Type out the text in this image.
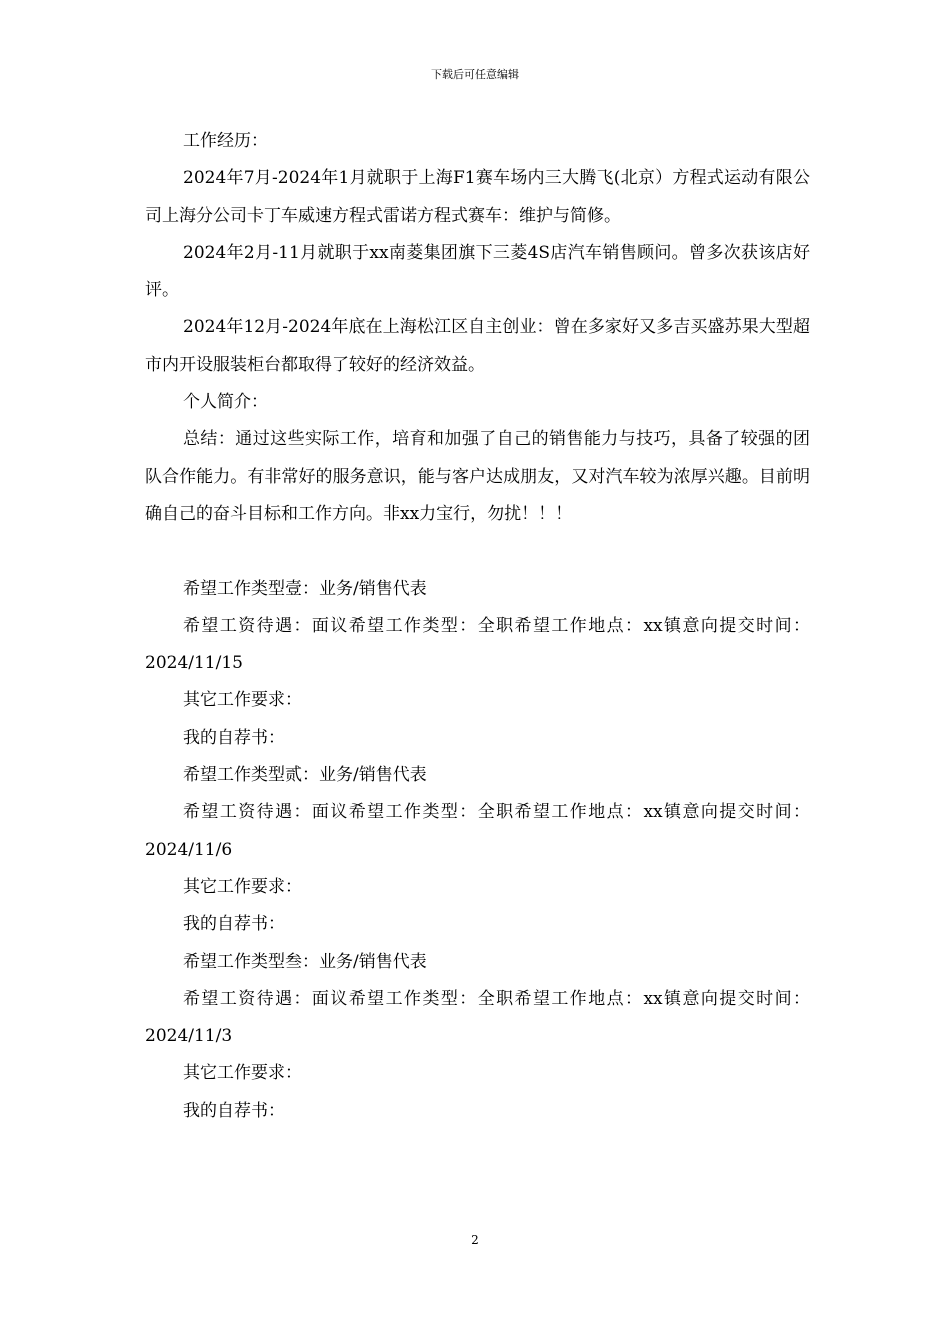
下载后可任意编辑

工作经历：

2024年7月-2024年1月就职于上海F1赛车场内三大腾飞(北京）方程式运动有限公司上海分公司卡丁车威速方程式雷诺方程式赛车：维护与简修。

2024年2月-11月就职于xx南菱集团旗下三菱4S店汽车销售顾问。曾多次获该店好评。

2024年12月-2024年底在上海松江区自主创业：曾在多家好又多吉买盛苏果大型超市内开设服装柜台都取得了较好的经济效益。

个人简介：

总结：通过这些实际工作，培育和加强了自己的销售能力与技巧，具备了较强的团队合作能力。有非常好的服务意识，能与客户达成朋友，又对汽车较为浓厚兴趣。目前明确自己的奋斗目标和工作方向。非xx力宝行，勿扰！！！

希望工作类型壹：业务/销售代表

希望工资待遇：面议希望工作类型：全职希望工作地点：xx镇意向提交时间：2024/11/15

其它工作要求：

我的自荐书：

希望工作类型贰：业务/销售代表

希望工资待遇：面议希望工作类型：全职希望工作地点：xx镇意向提交时间：2024/11/6

其它工作要求：

我的自荐书：

希望工作类型叁：业务/销售代表

希望工资待遇：面议希望工作类型：全职希望工作地点：xx镇意向提交时间：2024/11/3

其它工作要求：

我的自荐书：

2
